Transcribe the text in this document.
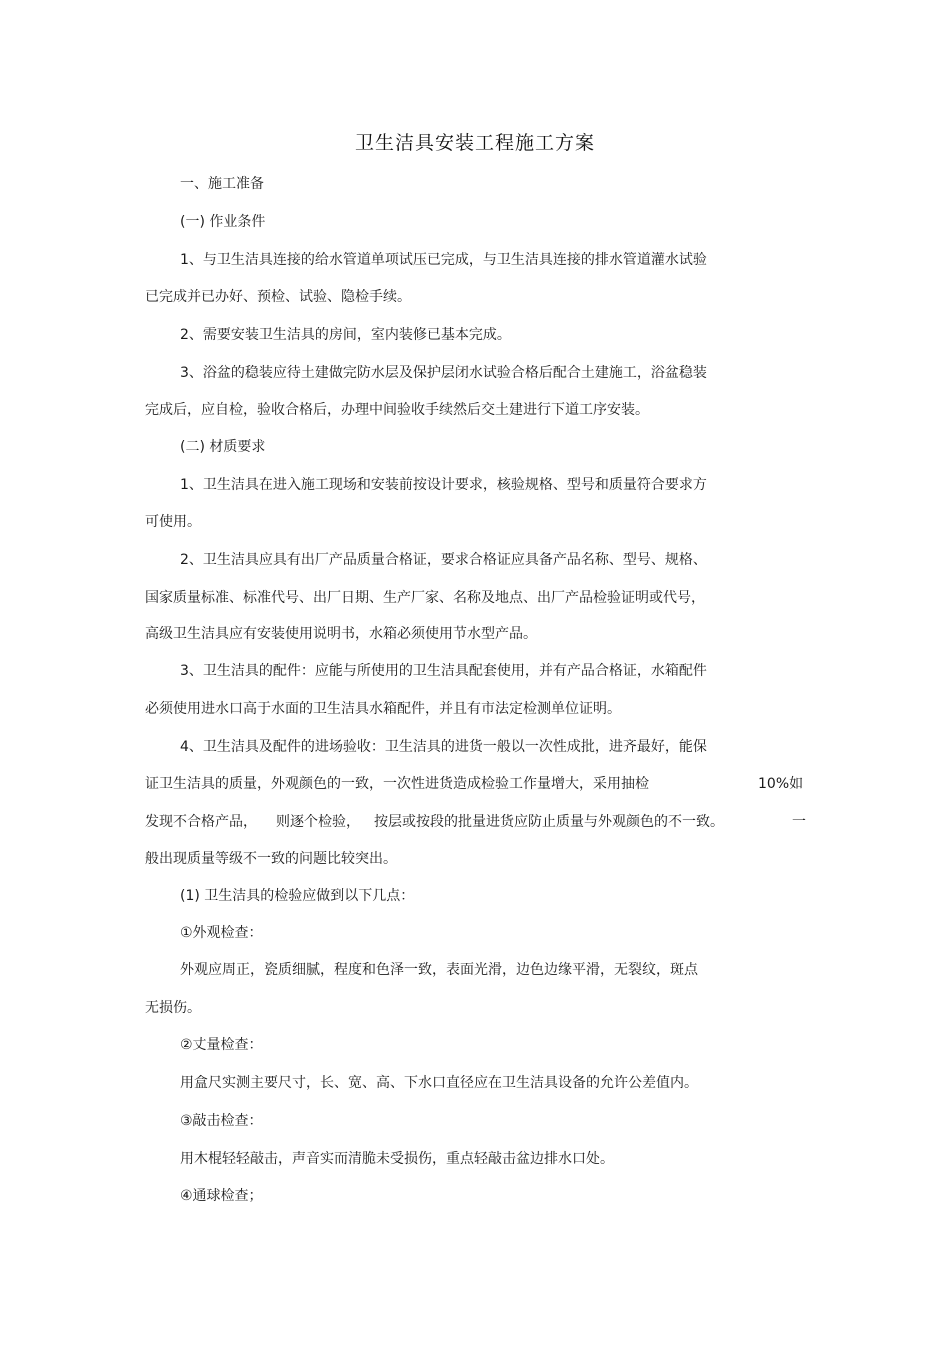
卫生洁具安装工程施工方案
一、施工准备
(一) 作业条件
1、与卫生洁具连接的给水管道单项试压已完成，与卫生洁具连接的排水管道灌水试验
已完成并已办好、预检、试验、隐检手续。
2、需要安装卫生洁具的房间，室内装修已基本完成。
3、浴盆的稳装应待土建做完防水层及保护层闭水试验合格后配合土建施工，浴盆稳装
完成后，应自检，验收合格后，办理中间验收手续然后交土建进行下道工序安装。
(二) 材质要求
1、卫生洁具在进入施工现场和安装前按设计要求，核验规格、型号和质量符合要求方
可使用。
2、卫生洁具应具有出厂产品质量合格证，要求合格证应具备产品名称、型号、规格、
国家质量标准、标准代号、出厂日期、生产厂家、名称及地点、出厂产品检验证明或代号，
高级卫生洁具应有安装使用说明书，水箱必须使用节水型产品。
3、卫生洁具的配件：应能与所使用的卫生洁具配套使用，并有产品合格证，水箱配件
必须使用进水口高于水面的卫生洁具水箱配件，并且有市法定检测单位证明。
4、卫生洁具及配件的进场验收：卫生洁具的进货一般以一次性成批，进齐最好，能保
证卫生洁具的质量，外观颜色的一致，一次性进货造成检验工作量增大，采用抽检	10%如
发现不合格产品， 则逐个检验， 按层或按段的批量进货应防止质量与外观颜色的不一致。	一
般出现质量等级不一致的问题比较突出。
(1) 卫生洁具的检验应做到以下几点：
①外观检查：
外观应周正，瓷质细腻，程度和色泽一致，表面光滑，边色边缘平滑，无裂纹，斑点
无损伤。
②丈量检查：
用盒尺实测主要尺寸，长、宽、高、下水口直径应在卫生洁具设备的允许公差值内。
③敲击检查：
用木棍轻轻敲击，声音实而清脆未受损伤，重点轻敲击盆边排水口处。
④通球检查；
